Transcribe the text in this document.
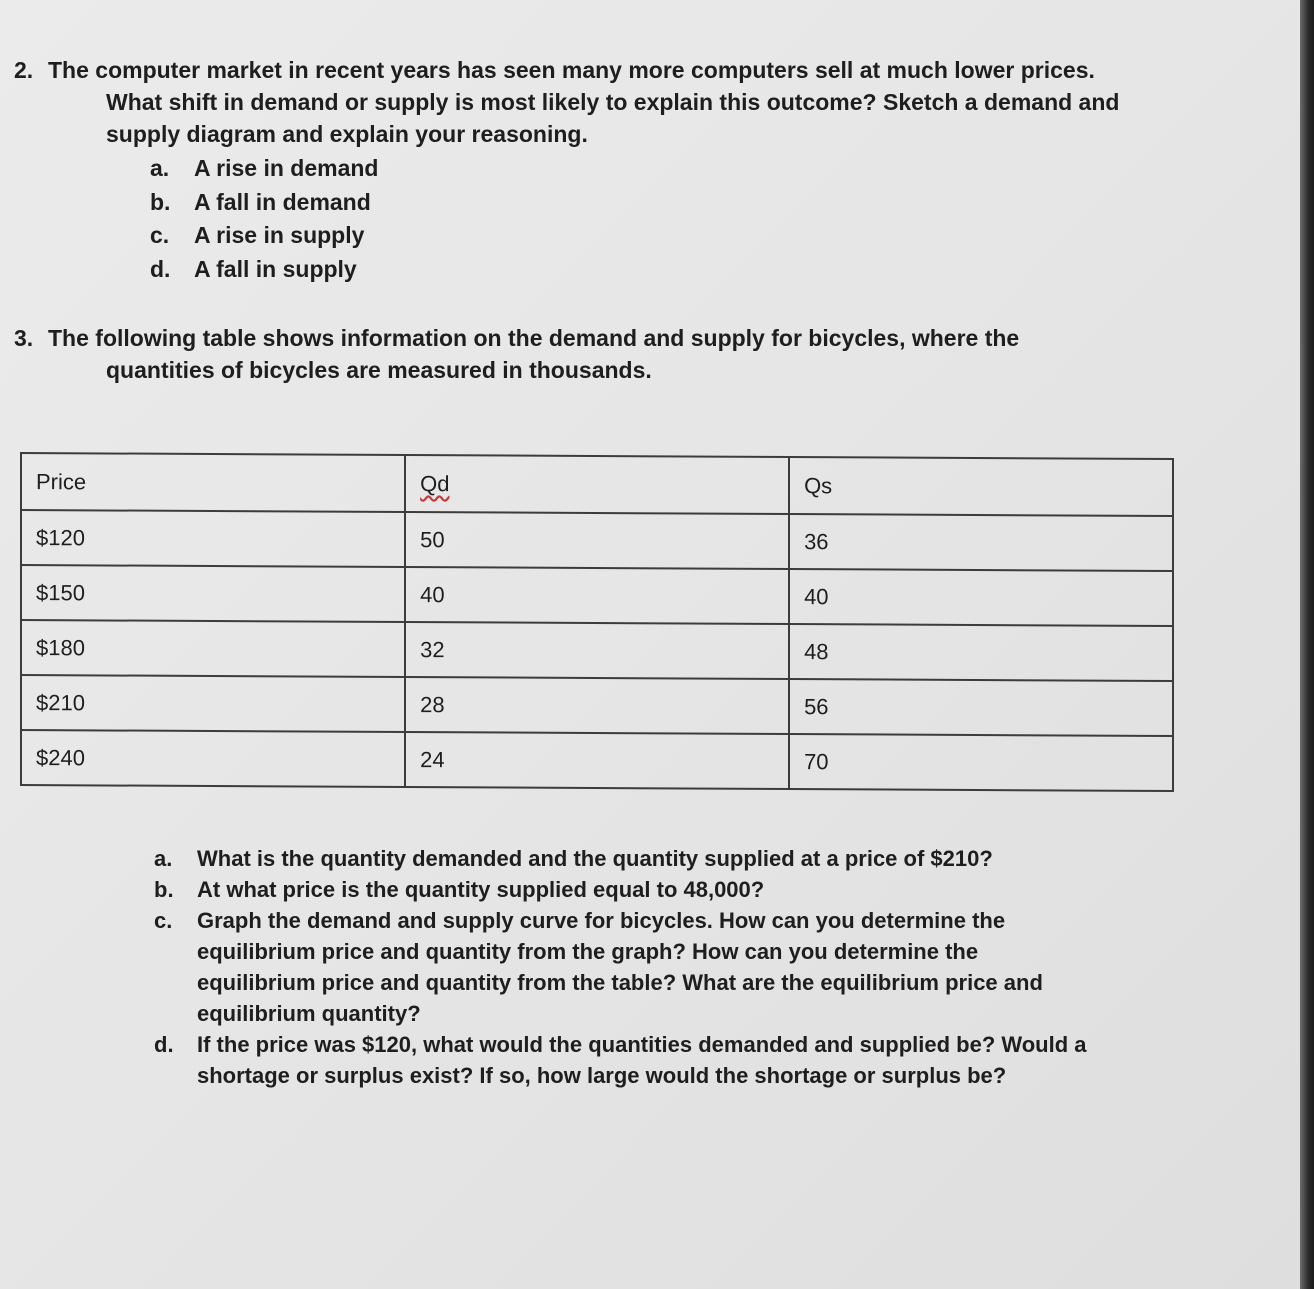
2. The computer market in recent years has seen many more computers sell at much lower prices.
What shift in demand or supply is most likely to explain this outcome? Sketch a demand and
supply diagram and explain your reasoning.
a. A rise in demand
b. A fall in demand
c. A rise in supply
d. A fall in supply
3. The following table shows information on the demand and supply for bicycles, where the
quantities of bicycles are measured in thousands.
Price	Qd	Qs
$120	50	36
$150	40	40
$180	32	48
$210	28	56
$240	24	70
a. What is the quantity demanded and the quantity supplied at a price of $210?
b. At what price is the quantity supplied equal to 48,000?
c. Graph the demand and supply curve for bicycles. How can you determine the equilibrium price and quantity from the graph? How can you determine the equilibrium price and quantity from the table? What are the equilibrium price and equilibrium quantity?
d. If the price was $120, what would the quantities demanded and supplied be? Would a shortage or surplus exist? If so, how large would the shortage or surplus be?
